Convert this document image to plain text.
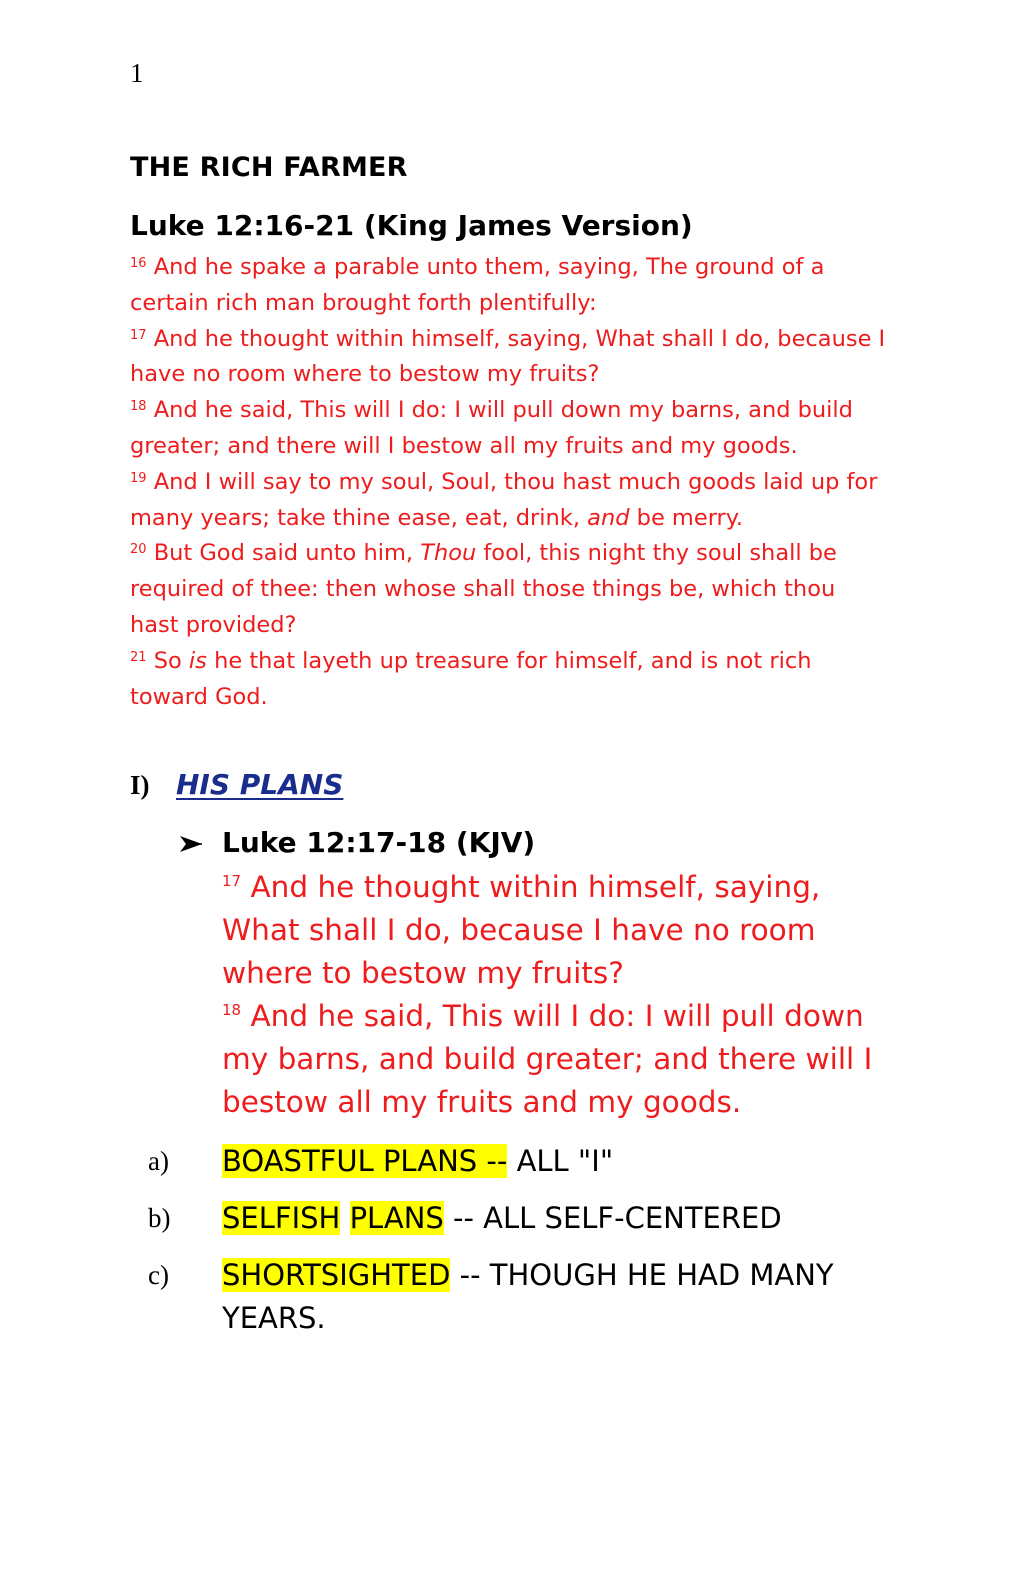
1
THE RICH FARMER
Luke 12:16-21 (King James Version)
$^{16}$ And he spake a parable unto them, saying, The ground of a certain rich man brought forth plentifully:
$^{17}$ And he thought within himself, saying, What shall I do, because I have no room where to bestow my fruits?
$^{18}$ And he said, This will I do: I will pull down my barns, and build greater; and there will I bestow all my fruits and my goods.
$^{19}$ And I will say to my soul, Soul, thou hast much goods laid up for many years; take thine ease, eat, drink, and be merry.
$^{20}$ But God said unto him, Thou fool, this night thy soul shall be required of thee: then whose shall those things be, which thou hast provided?
$^{21}$ So is he that layeth up treasure for himself, and is not rich toward God.
I) HIS PLANS
Luke 12:17-18 (KJV)
$^{17}$ And he thought within himself, saying, What shall I do, because I have no room where to bestow my fruits?
$^{18}$ And he said, This will I do: I will pull down my barns, and build greater; and there will I bestow all my fruits and my goods.
a)	BOASTFUL PLANS -- ALL "I"
b)	SELFISH PLANS -- ALL SELF-CENTERED
c)	SHORTSIGHTED -- THOUGH HE HAD MANY YEARS.
